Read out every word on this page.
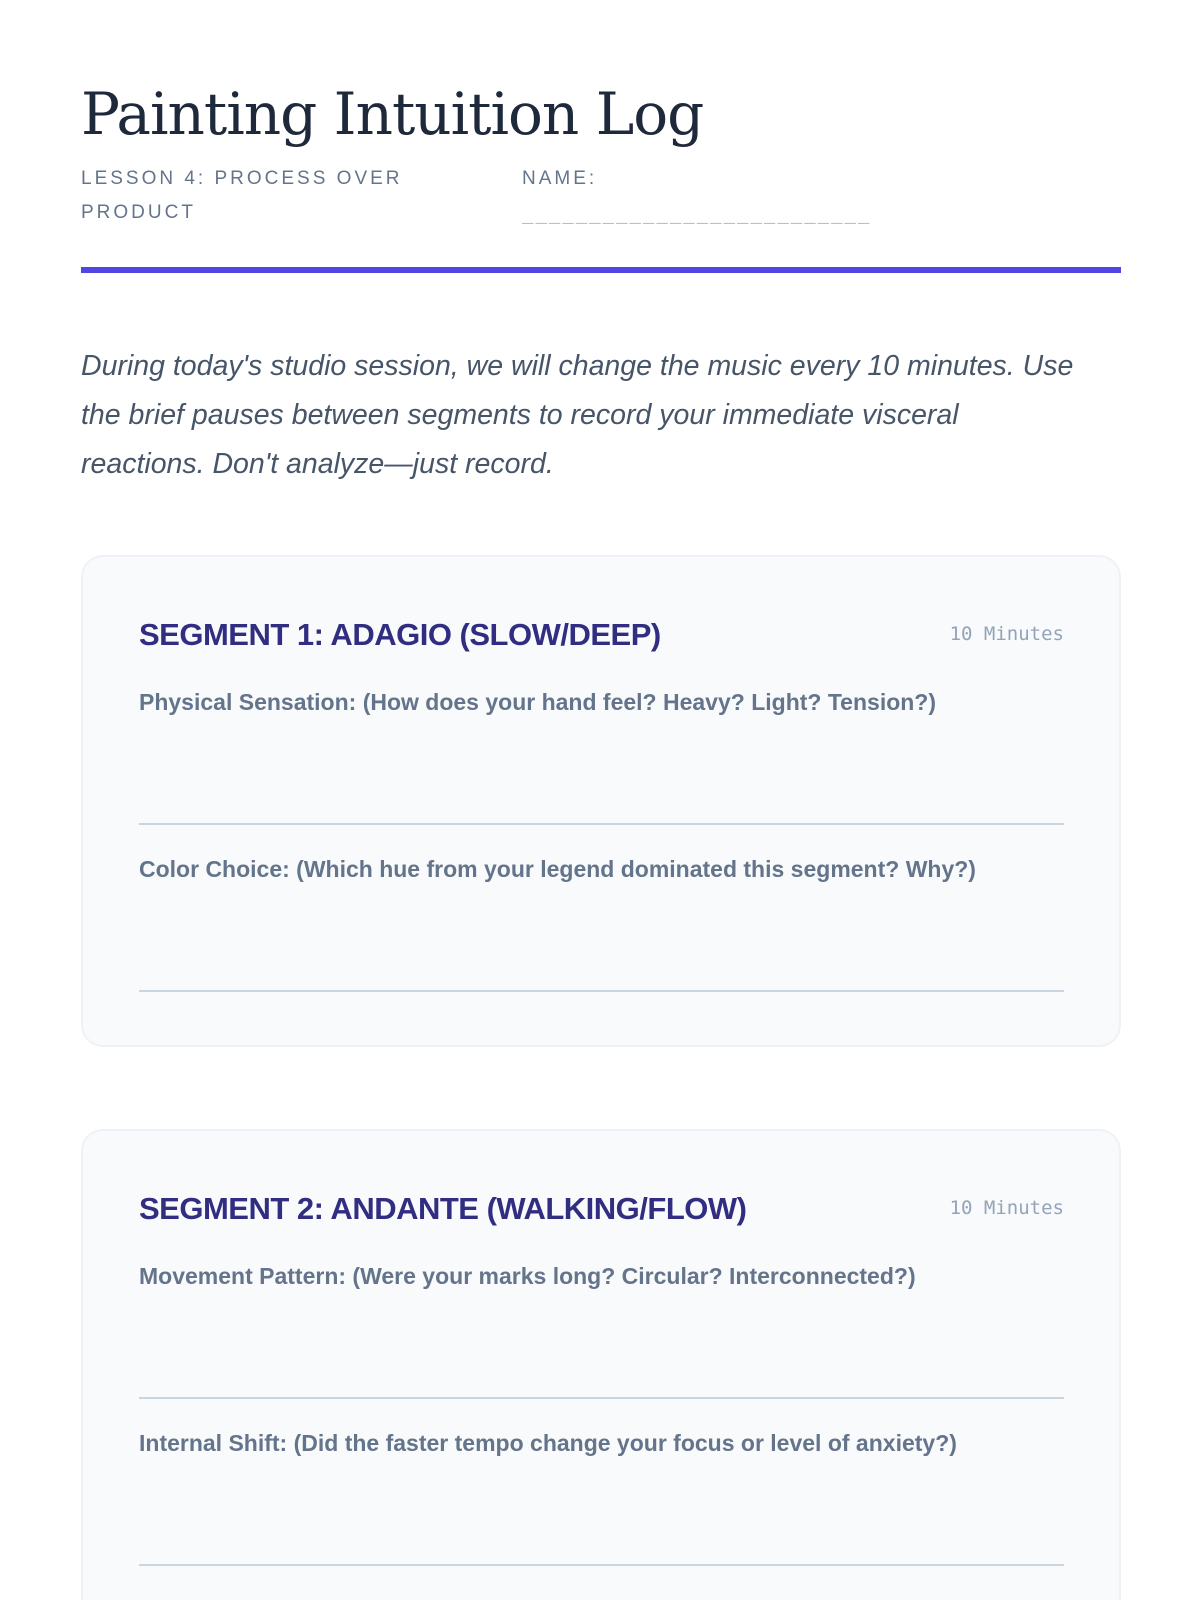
Painting Intuition Log
LESSON 4: PROCESS OVER PRODUCT
NAME:
__________________________

During today's studio session, we will change the music every 10 minutes. Use the brief pauses between segments to record your immediate visceral reactions. Don't analyze—just record.

SEGMENT 1: ADAGIO (SLOW/DEEP)	10 Minutes
Physical Sensation: (How does your hand feel? Heavy? Light? Tension?)
Color Choice: (Which hue from your legend dominated this segment? Why?)
SEGMENT 2: ANDANTE (WALKING/FLOW)	10 Minutes
Movement Pattern: (Were your marks long? Circular? Interconnected?)
Internal Shift: (Did the faster tempo change your focus or level of anxiety?)
